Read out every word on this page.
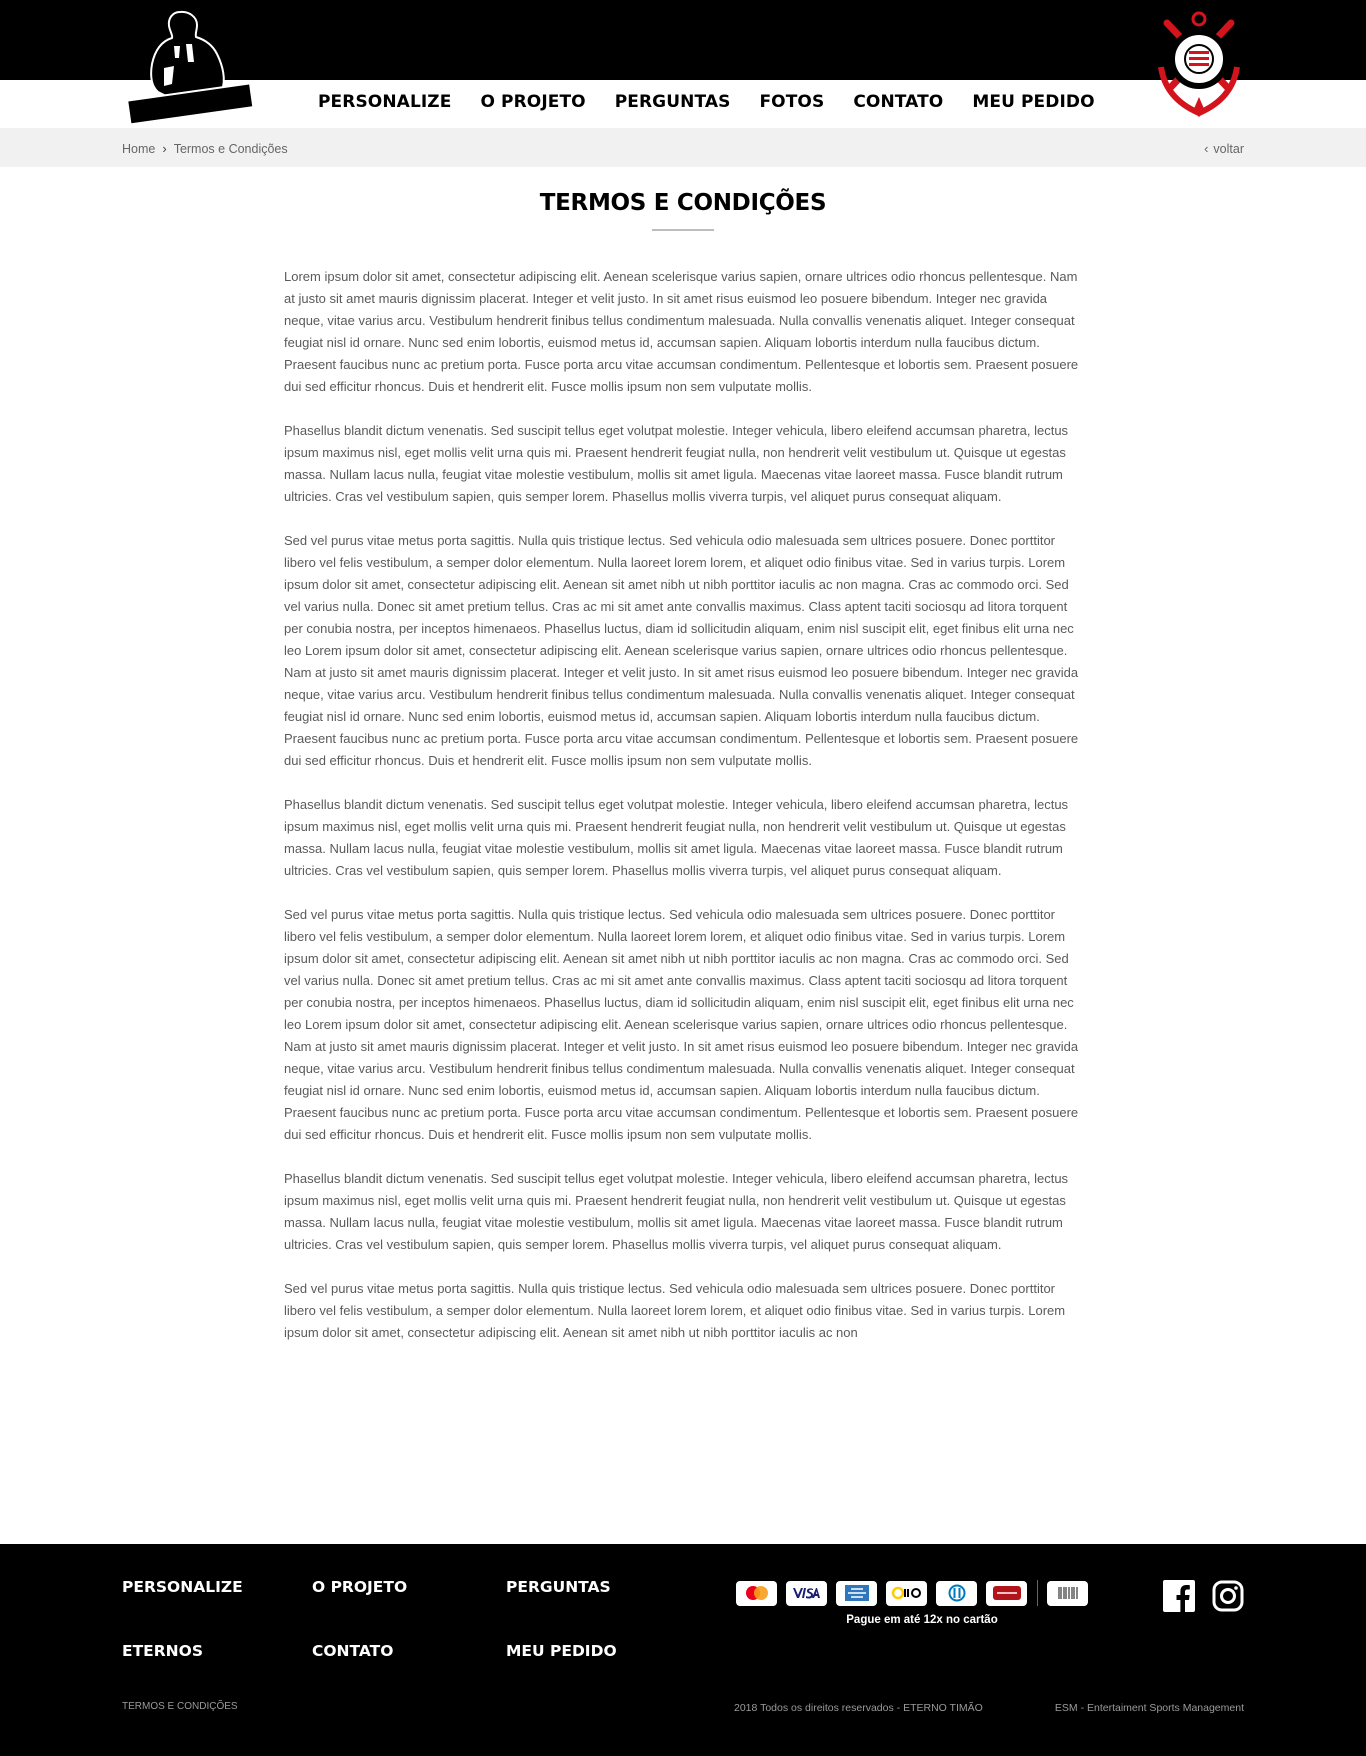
PERSONALIZE O PROJETO PERGUNTAS FOTOS CONTATO MEU PEDIDO
Home › Termos e Condições	‹ voltar
TERMOS E CONDIÇÕES

Lorem ipsum dolor sit amet, consectetur adipiscing elit. Aenean scelerisque varius sapien, ornare ultrices odio rhoncus pellentesque. Nam at justo sit amet mauris dignissim placerat. Integer et velit justo. In sit amet risus euismod leo posuere bibendum. Integer nec gravida neque, vitae varius arcu. Vestibulum hendrerit finibus tellus condimentum malesuada. Nulla convallis venenatis aliquet. Integer consequat feugiat nisl id ornare. Nunc sed enim lobortis, euismod metus id, accumsan sapien. Aliquam lobortis interdum nulla faucibus dictum. Praesent faucibus nunc ac pretium porta. Fusce porta arcu vitae accumsan condimentum. Pellentesque et lobortis sem. Praesent posuere dui sed efficitur rhoncus. Duis et hendrerit elit. Fusce mollis ipsum non sem vulputate mollis.

Phasellus blandit dictum venenatis. Sed suscipit tellus eget volutpat molestie. Integer vehicula, libero eleifend accumsan pharetra, lectus ipsum maximus nisl, eget mollis velit urna quis mi. Praesent hendrerit feugiat nulla, non hendrerit velit vestibulum ut. Quisque ut egestas massa. Nullam lacus nulla, feugiat vitae molestie vestibulum, mollis sit amet ligula. Maecenas vitae laoreet massa. Fusce blandit rutrum ultricies. Cras vel vestibulum sapien, quis semper lorem. Phasellus mollis viverra turpis, vel aliquet purus consequat aliquam.

Sed vel purus vitae metus porta sagittis. Nulla quis tristique lectus. Sed vehicula odio malesuada sem ultrices posuere. Donec porttitor libero vel felis vestibulum, a semper dolor elementum. Nulla laoreet lorem lorem, et aliquet odio finibus vitae. Sed in varius turpis. Lorem ipsum dolor sit amet, consectetur adipiscing elit. Aenean sit amet nibh ut nibh porttitor iaculis ac non magna. Cras ac commodo orci. Sed vel varius nulla. Donec sit amet pretium tellus. Cras ac mi sit amet ante convallis maximus. Class aptent taciti sociosqu ad litora torquent per conubia nostra, per inceptos himenaeos. Phasellus luctus, diam id sollicitudin aliquam, enim nisl suscipit elit, eget finibus elit urna nec leo Lorem ipsum dolor sit amet, consectetur adipiscing elit. Aenean scelerisque varius sapien, ornare ultrices odio rhoncus pellentesque. Nam at justo sit amet mauris dignissim placerat. Integer et velit justo. In sit amet risus euismod leo posuere bibendum. Integer nec gravida neque, vitae varius arcu. Vestibulum hendrerit finibus tellus condimentum malesuada. Nulla convallis venenatis aliquet. Integer consequat feugiat nisl id ornare. Nunc sed enim lobortis, euismod metus id, accumsan sapien. Aliquam lobortis interdum nulla faucibus dictum. Praesent faucibus nunc ac pretium porta. Fusce porta arcu vitae accumsan condimentum. Pellentesque et lobortis sem. Praesent posuere dui sed efficitur rhoncus. Duis et hendrerit elit. Fusce mollis ipsum non sem vulputate mollis.

Phasellus blandit dictum venenatis. Sed suscipit tellus eget volutpat molestie. Integer vehicula, libero eleifend accumsan pharetra, lectus ipsum maximus nisl, eget mollis velit urna quis mi. Praesent hendrerit feugiat nulla, non hendrerit velit vestibulum ut. Quisque ut egestas massa. Nullam lacus nulla, feugiat vitae molestie vestibulum, mollis sit amet ligula. Maecenas vitae laoreet massa. Fusce blandit rutrum ultricies. Cras vel vestibulum sapien, quis semper lorem. Phasellus mollis viverra turpis, vel aliquet purus consequat aliquam.

Sed vel purus vitae metus porta sagittis. Nulla quis tristique lectus. Sed vehicula odio malesuada sem ultrices posuere. Donec porttitor libero vel felis vestibulum, a semper dolor elementum. Nulla laoreet lorem lorem, et aliquet odio finibus vitae. Sed in varius turpis. Lorem ipsum dolor sit amet, consectetur adipiscing elit. Aenean sit amet nibh ut nibh porttitor iaculis ac non magna. Cras ac commodo orci. Sed vel varius nulla. Donec sit amet pretium tellus. Cras ac mi sit amet ante convallis maximus. Class aptent taciti sociosqu ad litora torquent per conubia nostra, per inceptos himenaeos. Phasellus luctus, diam id sollicitudin aliquam, enim nisl suscipit elit, eget finibus elit urna nec leo Lorem ipsum dolor sit amet, consectetur adipiscing elit. Aenean scelerisque varius sapien, ornare ultrices odio rhoncus pellentesque. Nam at justo sit amet mauris dignissim placerat. Integer et velit justo. In sit amet risus euismod leo posuere bibendum. Integer nec gravida neque, vitae varius arcu. Vestibulum hendrerit finibus tellus condimentum malesuada. Nulla convallis venenatis aliquet. Integer consequat feugiat nisl id ornare. Nunc sed enim lobortis, euismod metus id, accumsan sapien. Aliquam lobortis interdum nulla faucibus dictum. Praesent faucibus nunc ac pretium porta. Fusce porta arcu vitae accumsan condimentum. Pellentesque et lobortis sem. Praesent posuere dui sed efficitur rhoncus. Duis et hendrerit elit. Fusce mollis ipsum non sem vulputate mollis.

Phasellus blandit dictum venenatis. Sed suscipit tellus eget volutpat molestie. Integer vehicula, libero eleifend accumsan pharetra, lectus ipsum maximus nisl, eget mollis velit urna quis mi. Praesent hendrerit feugiat nulla, non hendrerit velit vestibulum ut. Quisque ut egestas massa. Nullam lacus nulla, feugiat vitae molestie vestibulum, mollis sit amet ligula. Maecenas vitae laoreet massa. Fusce blandit rutrum ultricies. Cras vel vestibulum sapien, quis semper lorem. Phasellus mollis viverra turpis, vel aliquet purus consequat aliquam.

Sed vel purus vitae metus porta sagittis. Nulla quis tristique lectus. Sed vehicula odio malesuada sem ultrices posuere. Donec porttitor libero vel felis vestibulum, a semper dolor elementum. Nulla laoreet lorem lorem, et aliquet odio finibus vitae. Sed in varius turpis. Lorem ipsum dolor sit amet, consectetur adipiscing elit. Aenean sit amet nibh ut nibh porttitor iaculis ac non

PERSONALIZE	O PROJETO	PERGUNTAS
ETERNOS	CONTATO	MEU PEDIDO
Pague em até 12x no cartão
TERMOS E CONDIÇÕES	2018 Todos os direitos reservados - ETERNO TIMÃO	ESM - Entertaiment Sports Management
